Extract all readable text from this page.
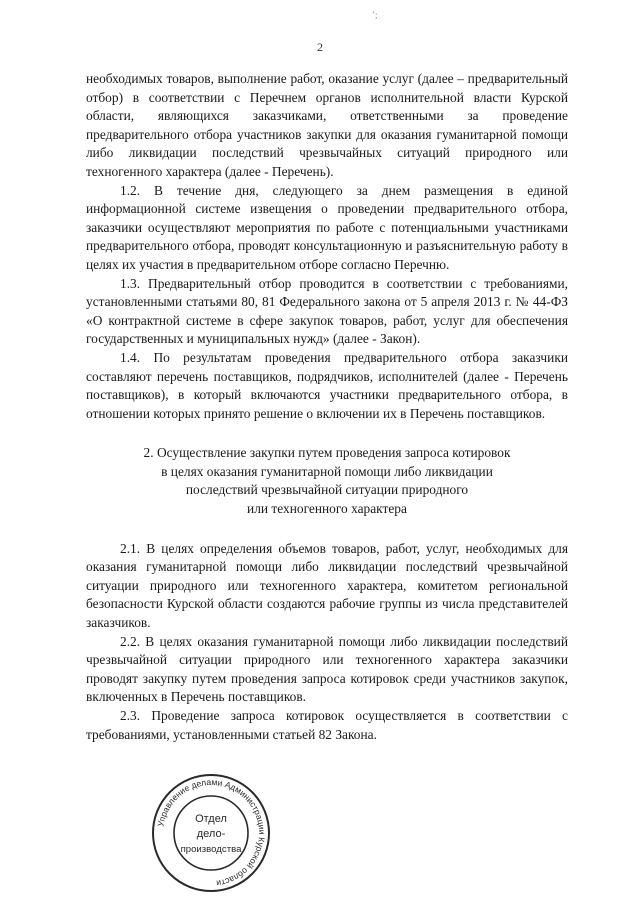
’;
2

необходимых товаров, выполнение работ, оказание услуг (далее – предварительный отбор) в соответствии с Перечнем органов исполнительной власти Курской области, являющихся заказчиками, ответственными за проведение предварительного отбора участников закупки для оказания гуманитарной помощи либо ликвидации последствий чрезвычайных ситуаций природного или техногенного характера (далее - Перечень).

1.2. В течение дня, следующего за днем размещения в единой информационной системе извещения о проведении предварительного отбора, заказчики осуществляют мероприятия по работе с потенциальными участниками предварительного отбора, проводят консультационную и разъяснительную работу в целях их участия в предварительном отборе согласно Перечню.

1.3. Предварительный отбор проводится в соответствии с требованиями, установленными статьями 80, 81 Федерального закона от 5 апреля 2013 г. № 44-ФЗ «О контрактной системе в сфере закупок товаров, работ, услуг для обеспечения государственных и муниципальных нужд» (далее - Закон).

1.4. По результатам проведения предварительного отбора заказчики составляют перечень поставщиков, подрядчиков, исполнителей (далее - Перечень поставщиков), в который включаются участники предварительного отбора, в отношении которых принято решение о включении их в Перечень поставщиков.

2. Осуществление закупки путем проведения запроса котировок
в целях оказания гуманитарной помощи либо ликвидации
последствий чрезвычайной ситуации природного
или техногенного характера

2.1. В целях определения объемов товаров, работ, услуг, необходимых для оказания гуманитарной помощи либо ликвидации последствий чрезвычайной ситуации природного или техногенного характера, комитетом региональной безопасности Курской области создаются рабочие группы из числа представителей заказчиков.

2.2. В целях оказания гуманитарной помощи либо ликвидации последствий чрезвычайной ситуации природного или техногенного характера заказчики проводят закупку путем проведения запроса котировок среди участников закупок, включенных в Перечень поставщиков.

2.3. Проведение запроса котировок осуществляется в соответствии с требованиями, установленными статьей 82 Закона.

Управление делами Администрации Курской области
Отдел
дело-
производства
